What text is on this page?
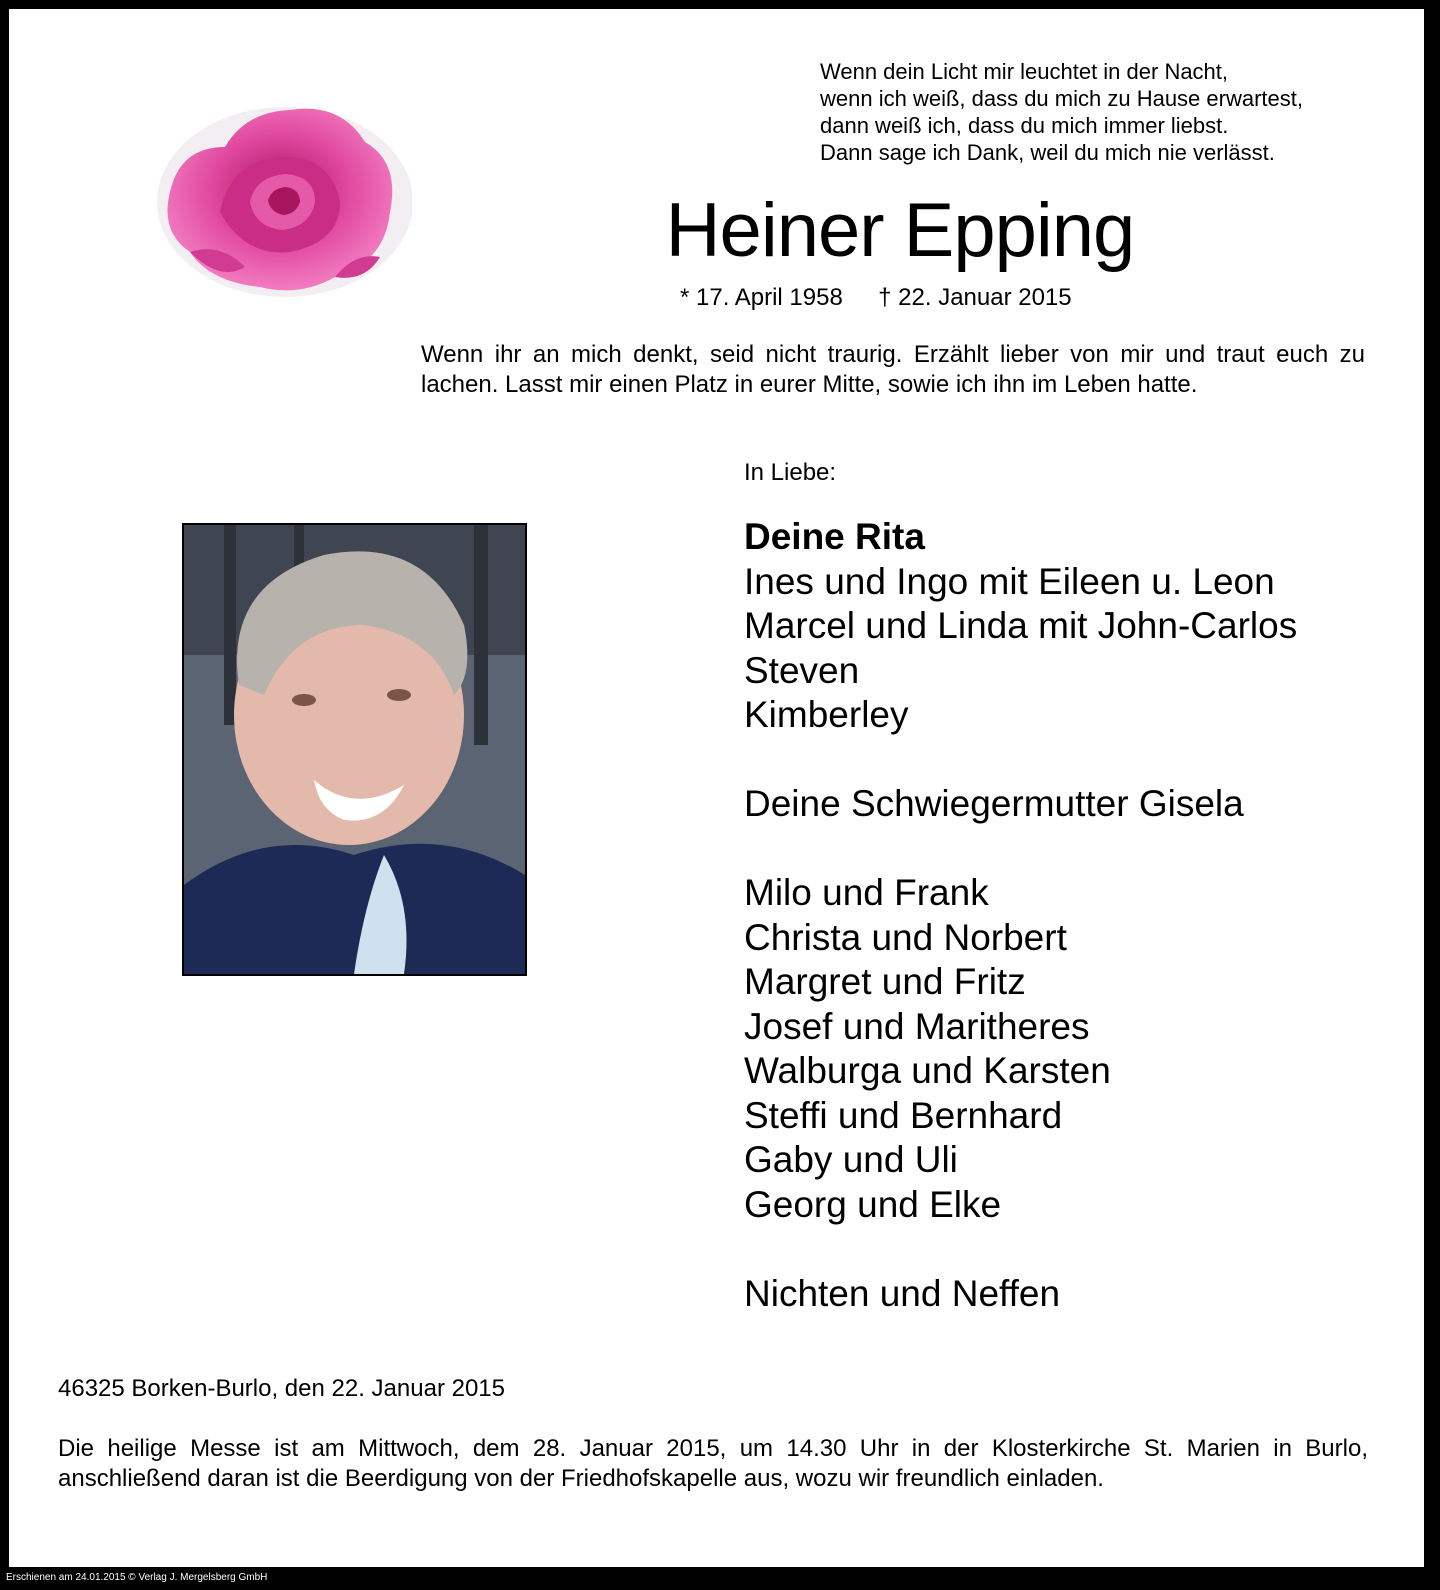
Wenn dein Licht mir leuchtet in der Nacht,
wenn ich weiß, dass du mich zu Hause erwartest,
dann weiß ich, dass du mich immer liebst.
Dann sage ich Dank, weil du mich nie verlässt.
Heiner Epping
* 17. April 1958 † 22. Januar 2015
Wenn ihr an mich denkt, seid nicht traurig. Erzählt lieber von mir und traut euch zu lachen. Lasst mir einen Platz in eurer Mitte, sowie ich ihn im Leben hatte.
In Liebe:
Deine Rita
Ines und Ingo mit Eileen u. Leon
Marcel und Linda mit John-Carlos
Steven
Kimberley
Deine Schwiegermutter Gisela
Milo und Frank
Christa und Norbert
Margret und Fritz
Josef und Maritheres
Walburga und Karsten
Steffi und Bernhard
Gaby und Uli
Georg und Elke
Nichten und Neffen
46325 Borken-Burlo, den 22. Januar 2015
Die heilige Messe ist am Mittwoch, dem 28. Januar 2015, um 14.30 Uhr in der Klosterkirche St. Marien in Burlo, anschließend daran ist die Beerdigung von der Friedhofskapelle aus, wozu wir freundlich einladen.
Erschienen am 24.01.2015 © Verlag J. Mergelsberg GmbH
